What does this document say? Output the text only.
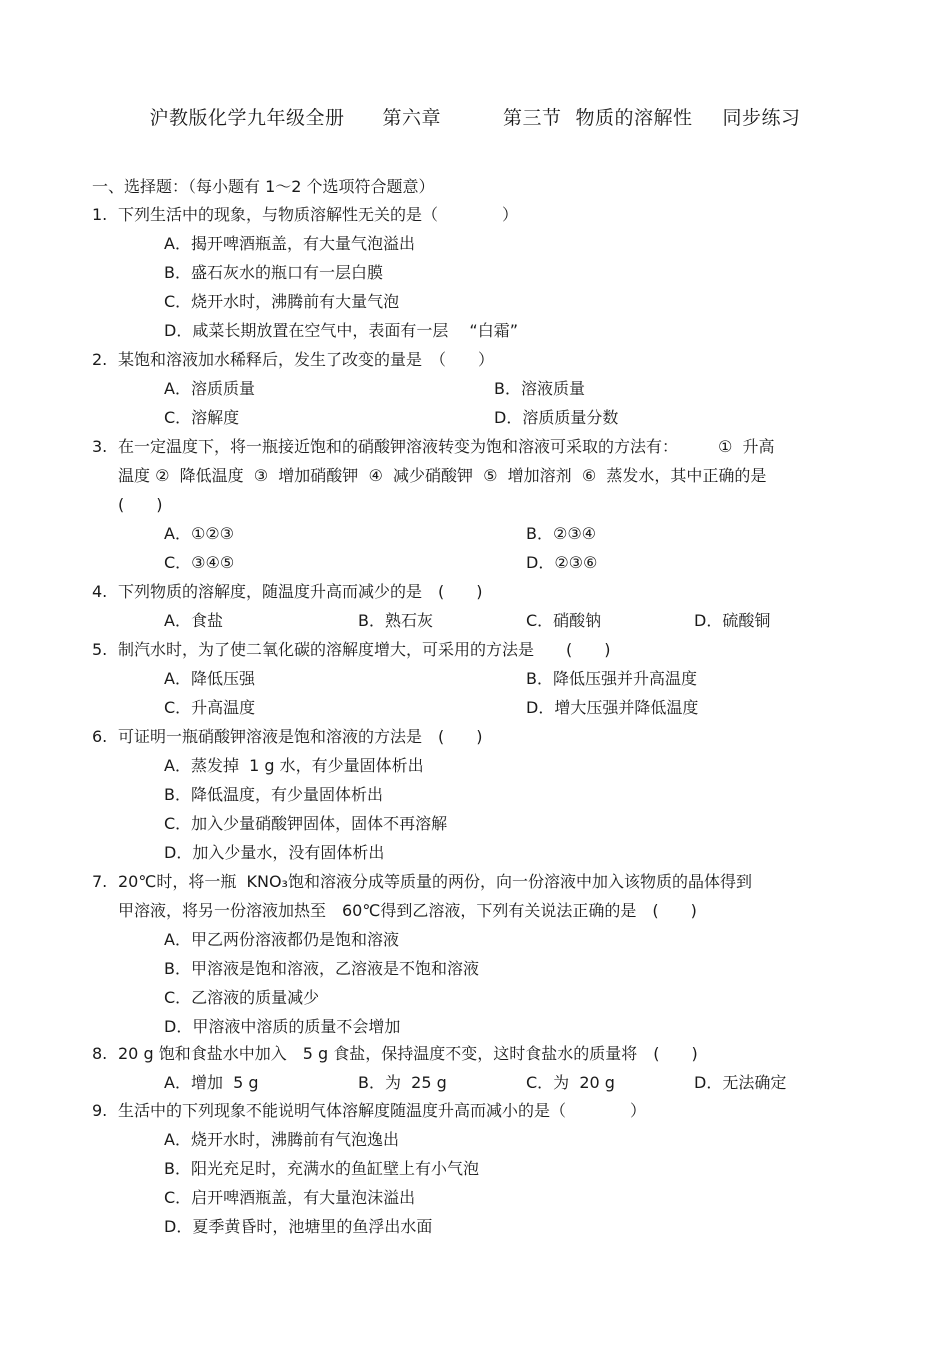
沪教版化学九年级全册 第六章	第三节 物质的溶解性 同步练习
一、选择题：（每小题有 1～2 个选项符合题意）
1. 下列生活中的现象，与物质溶解性无关的是（　　　　）
A．揭开啤酒瓶盖，有大量气泡溢出
B．盛石灰水的瓶口有一层白膜
C．烧开水时，沸腾前有大量气泡
D．咸菜长期放置在空气中，表面有一层　 “白霜”
2. 某饱和溶液加水稀释后，发生了改变的量是　（　　）
A．溶质质量	B．溶液质量
C．溶解度	D．溶质质量分数
3. 在一定温度下，将一瓶接近饱和的硝酸钾溶液转变为饱和溶液可采取的方法有：　　　①  升高
温度 ②  降低温度  ③  增加硝酸钾  ④  减少硝酸钾  ⑤  增加溶剂  ⑥  蒸发水，其中正确的是
(　　)
A．①②③	B．②③④
C．③④⑤	D．②③⑥
4. 下列物质的溶解度，随温度升高而减少的是　(　　)
A．食盐	B．熟石灰	C．硝酸钠	D．硫酸铜
5. 制汽水时，为了使二氧化碳的溶解度增大，可采用的方法是　　(　　)
A．降低压强	B．降低压强并升高温度
C．升高温度	D．增大压强并降低温度
6. 可证明一瓶硝酸钾溶液是饱和溶液的方法是　(　　)
A．蒸发掉  1 g 水，有少量固体析出
B．降低温度，有少量固体析出
C．加入少量硝酸钾固体，固体不再溶解
D．加入少量水，没有固体析出
7. 20℃时，将一瓶  KNO₃饱和溶液分成等质量的两份，向一份溶液中加入该物质的晶体得到
甲溶液，将另一份溶液加热至　60℃得到乙溶液，下列有关说法正确的是　(　　)
A．甲乙两份溶液都仍是饱和溶液
B．甲溶液是饱和溶液，乙溶液是不饱和溶液
C．乙溶液的质量减少
D．甲溶液中溶质的质量不会增加
8. 20 g 饱和食盐水中加入　5 g 食盐，保持温度不变，这时食盐水的质量将　(　　)
A．增加  5 g	B．为  25 g	C．为  20 g	D．无法确定
9. 生活中的下列现象不能说明气体溶解度随温度升高而减小的是（　　　　）
A．烧开水时，沸腾前有气泡逸出
B．阳光充足时，充满水的鱼缸壁上有小气泡
C．启开啤酒瓶盖，有大量泡沫溢出
D．夏季黄昏时，池塘里的鱼浮出水面
